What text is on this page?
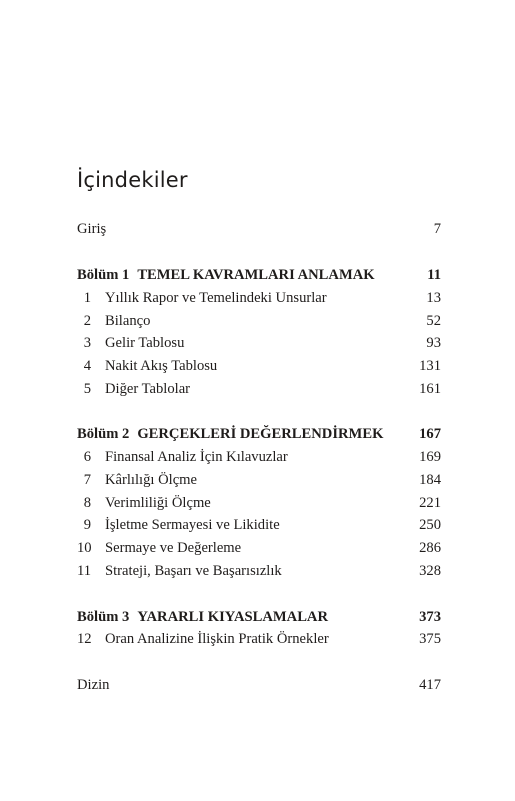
İçindekiler
Giriş	7
Bölüm 1 TEMEL KAVRAMLARI ANLAMAK	11
1 Yıllık Rapor ve Temelindeki Unsurlar	13
2 Bilanço	52
3 Gelir Tablosu	93
4 Nakit Akış Tablosu	131
5 Diğer Tablolar	161
Bölüm 2 GERÇEKLERİ DEĞERLENDİRMEK 167
6 Finansal Analiz İçin Kılavuzlar	169
7 Kârlılığı Ölçme	184
8 Verimliliği Ölçme	221
9 İşletme Sermayesi ve Likidite	250
10 Sermaye ve Değerleme	286
11 Strateji, Başarı ve Başarısızlık	328
Bölüm 3 YARARLI KIYASLAMALAR	373
12 Oran Analizine İlişkin Pratik Örnekler	375
Dizin	417
